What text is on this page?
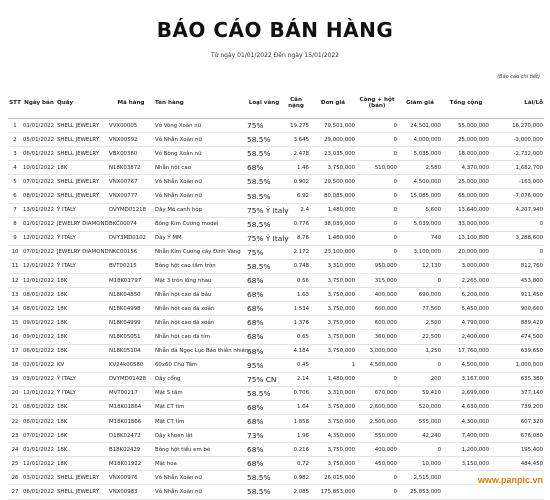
BÁO CÁO BÁN HÀNG
Từ ngày 01/01/2022 Đến ngày 15/01/2022
(Báo cáo chi tiết)
STT	Ngày bán	Quầy	Mã hàng	Tên hàng	Loại vàng	Cân nặng	Đơn giá	Công + hột (bán)	Giảm giá	Tổng cộng	Lãi/Lỗ
1	01/01/2022	SHELL JEWELRY	VVX00005	Vỏ Vòng Xoàn nữ	75%	19.275	79,501,000	0	24,501,000	55,000,000	16,270,000
2	05/01/2022	SHELL JEWELRY	VNX00592	Vỏ Nhẫn Xoàn nữ	58.5%	3.645	29,000,000	0	4,000,000	25,000,000	-3,000,000
3	06/01/2022	SHELL JEWELRY	VBX00380	Vỏ Bông Xoàn nữ	58.5%	2.478	23,035,000	0	5,035,000	18,000,000	-2,732,000
4	10/01/2022	18K	N18K03872	Nhẫn hột cao	68%	1.46	3,750,000	510,000	2,580	4,370,000	1,682,700
5	07/01/2022	SHELL JEWELRY	VNX00767	Vỏ Nhẫn Xoàn nữ	58.5%	0.902	29,500,000	0	4,500,000	25,000,000	-163,000
6	08/01/2022	SHELL JEWELRY	VNX00777	Vỏ Nhẫn Xoàn nữ	58.5%	6.92	80,085,000	0	15,085,000	65,000,000	-7,076,000
7	13/01/2022	Ý ITALY	DVYMD01218	Dây Mê canh hộp	75% Ý Italy	2.4	1,480,000	0	5,600	13,640,000	4,207,940
8	01/01/2022	JEWELRY DIAMOND	BKC00074	Bông Kim Cương model	58.5%	0.776	38,039,000	0	5,039,000	33,000,000	0
9	12/01/2022	Ý ITALY	DVY3MD0102	Dây Ý MM	75% Ý Italy	8.76	1,480,000	0	740	13,100,800	3,288,600
10	07/01/2022	JEWELRY DIAMOND	NKC00156	Nhẫn Kim Cương cây Đinh Vàng	75%	2.172	23,100,000	0	3,100,000	20,000,000	0
11	12/01/2022	Ý ITALY	BVT00215	Bông hột cao tấm tròn	58.5%	0.748	3,310,000	950,000	12,130	3,000,000	812,760
12	12/01/2022	18K	M18K01797	Mặt 3 tròn lồng nhau	68%	0.56	3,750,000	315,000	0	2,265,000	453,800
13	08/01/2022	18K	N18K04850	Nhẫn hột cao đá bầu	68%	1.63	3,750,000	400,000	690,000	6,200,000	911,450
14	08/01/2022	18K	N18K04998	Nhẫn hột cao đá xoắn	68%	1.534	3,750,000	600,000	77,500	5,450,000	900,660
15	09/01/2022	18K	N18K04999	Nhẫn hột cao đá xoắn	68%	1.376	3,750,000	600,000	2,500	4,790,000	889,420
16	09/01/2022	18K	N18K05051	Nhẫn hột cao đá tím	68%	0.65	3,750,000	360,000	22,500	2,400,000	474,500
17	06/01/2022	18K	N18K05104	Nhẫn đá Ngọc Lục Bảo thiên nhiên	68%	4.184	3,750,000	3,000,000	1,250	17,760,000	639,650
18	02/01/2022	KV	KV24k00580	60x60 Chữ Tâm	95%	0.45	1	4,500,000	0	4,500,000	1,000,000
19	03/01/2022	Ý ITALY	DVYMD01428	Dây cổng	75% CN	2.14	1,480,000	0	200	3,167,000	635,380
20	12/01/2022	Ý ITALY	MVT00217	Mặt S tấm	58.5%	0.706	3,310,000	670,000	59,410	2,699,000	377,140
21	08/01/2022	18K	M18K01864	Mặt CT tim	68%	1.64	3,750,000	2,600,000	520,000	4,630,000	739,200
22	08/01/2022	18K	M18K01866	Mặt CT tim	68%	1.858	3,750,000	2,500,000	555,000	4,300,000	607,320
23	07/01/2022	18K	D18K02472	Dây khoen lật	73%	1.96	4,350,000	550,000	42,240	7,400,000	676,080
24	01/01/2022	18K	B18K02429	Bông hột tiểu em bé	68%	0.216	3,750,000	400,000	0	1,200,000	195,400
25	12/01/2022	18K	M18K01922	Mặt hoa	68%	0.72	3,750,000	450,000	10,000	3,150,000	484,450
26	03/01/2022	SHELL JEWELRY	VNX00976	Vỏ Nhẫn Xoàn nữ	58.5%	0.982	26,015,000	0	2,515,000		
27	06/01/2022	SHELL JEWELRY	VNX00983	Vỏ Nhẫn Xoàn nữ	58.5%	2.085	175,853,000	0	25,853,000		
www.panpic.vn
